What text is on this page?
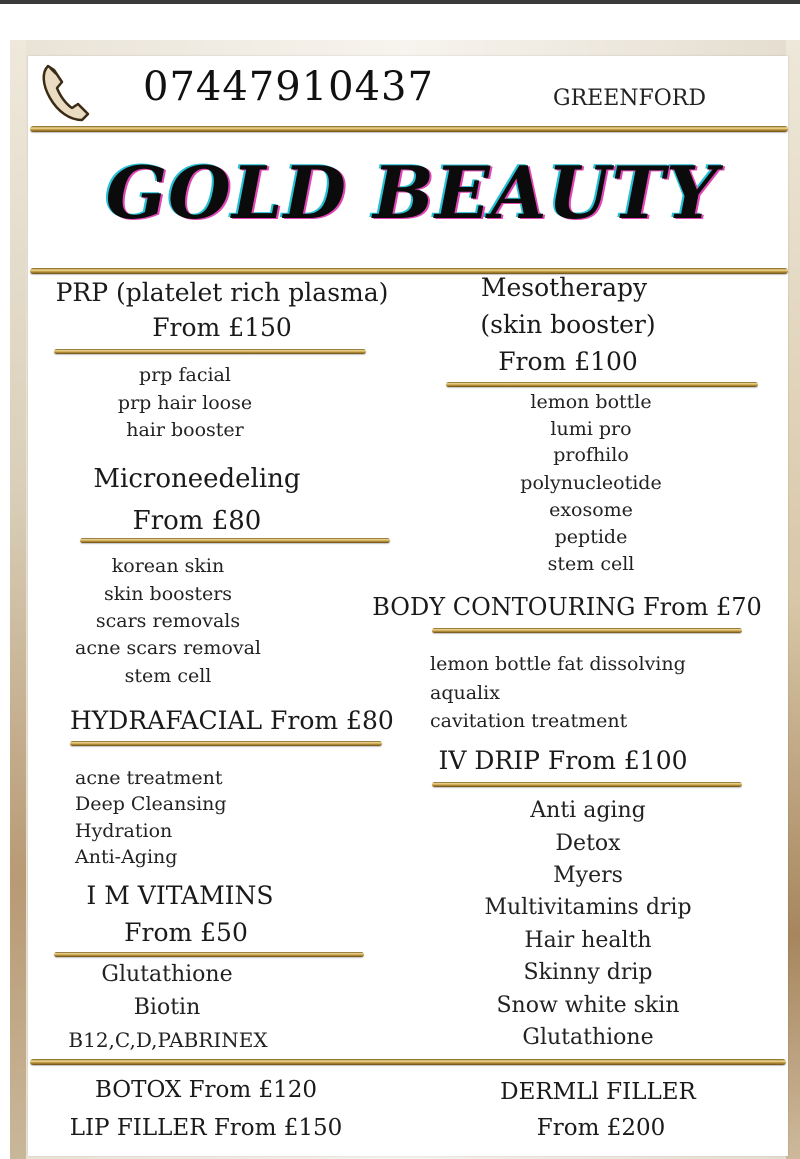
07447910437	GREENFORD
GOLD BEAUTY
PRP (platelet rich plasma)
From £150
prp facial
prp hair loose
hair booster
Microneedeling
From £80
korean skin
skin boosters
scars removals
acne scars removal
stem cell
HYDRAFACIAL From £80
acne treatment
Deep Cleansing
Hydration
Anti-Aging
I M VITAMINS
From £50
Glutathione
Biotin
B12,C,D,PABRINEX
Mesotherapy
(skin booster)
From £100
lemon bottle
lumi pro
profhilo
polynucleotide
exosome
peptide
stem cell
BODY CONTOURING From £70
lemon bottle fat dissolving
aqualix
cavitation treatment
IV DRIP From £100
Anti aging
Detox
Myers
Multivitamins drip
Hair health
Skinny drip
Snow white skin
Glutathione
BOTOX From £120
LIP FILLER From £150
DERMLl FILLER
From £200
